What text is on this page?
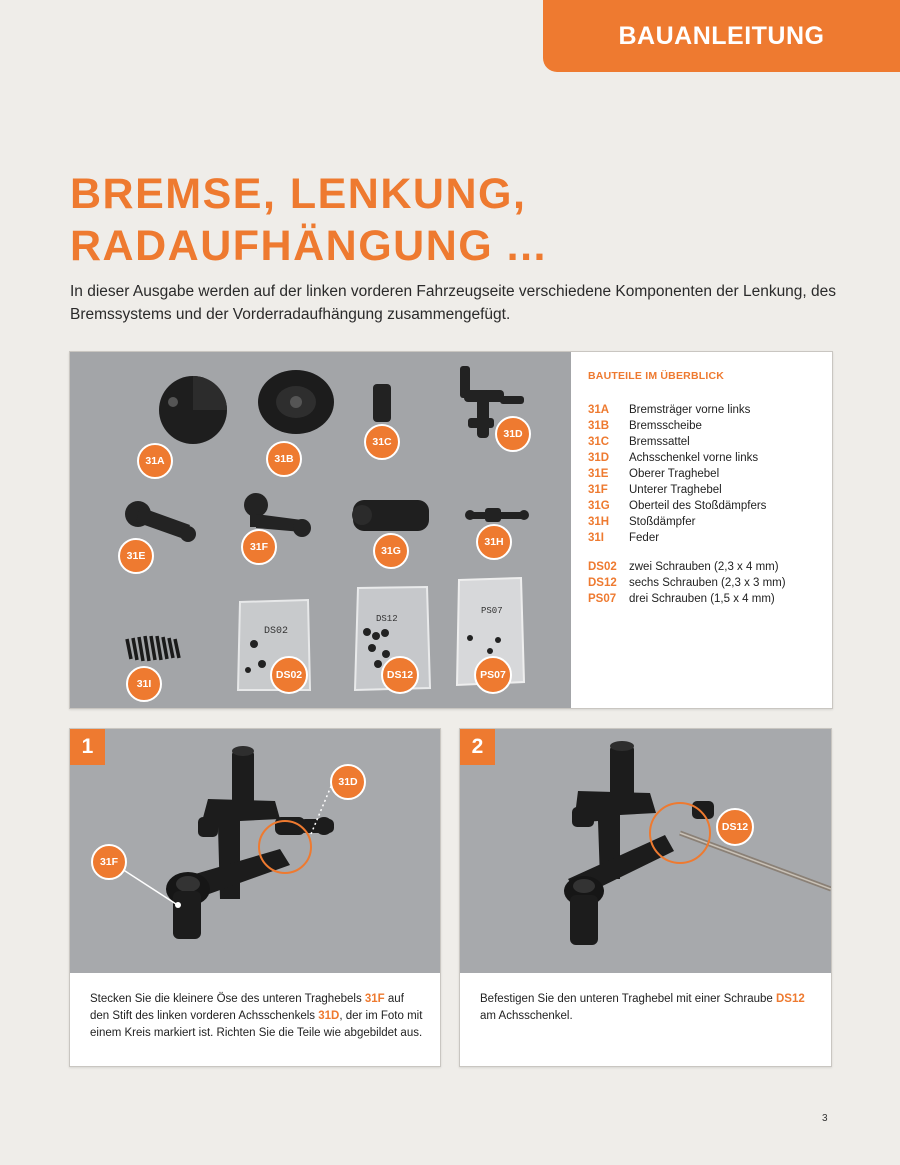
BAUANLEITUNG
BREMSE, LENKUNG,
RADAUFHÄNGUNG ...

In dieser Ausgabe werden auf der linken vorderen Fahrzeugseite verschiedene Komponenten der Lenkung, des Bremssystems und der Vorderradaufhängung zusammengefügt.

DS02
DS12
PS07
31A	31B
31C
31D
31E
31F	31G
31H
31I
DS02	DS12	PS07

BAUTEILE IM ÜBERBLICK

31A	Bremsträger vorne links
31B	Bremsscheibe
31C	Bremssattel
31D	Achsschenkel vorne links
31E	Oberer Traghebel
31F	Unterer Traghebel
31G	Oberteil des Stoßdämpfers
31H	Stoßdämpfer
31I	Feder
DS02	zwei Schrauben (2,3 x 4 mm)
DS12	sechs Schrauben (2,3 x 3 mm)
PS07	drei Schrauben (1,5 x 4 mm)
31D
31F
1

Stecken Sie die kleinere Öse des unteren Traghebels 31F auf den Stift des linken vorderen Achsschenkels 31D, der im Foto mit einem Kreis markiert ist. Richten Sie die Teile wie abgebildet aus.

DS12
2

Befestigen Sie den unteren Traghebel mit einer Schraube DS12 am Achsschenkel.

3
